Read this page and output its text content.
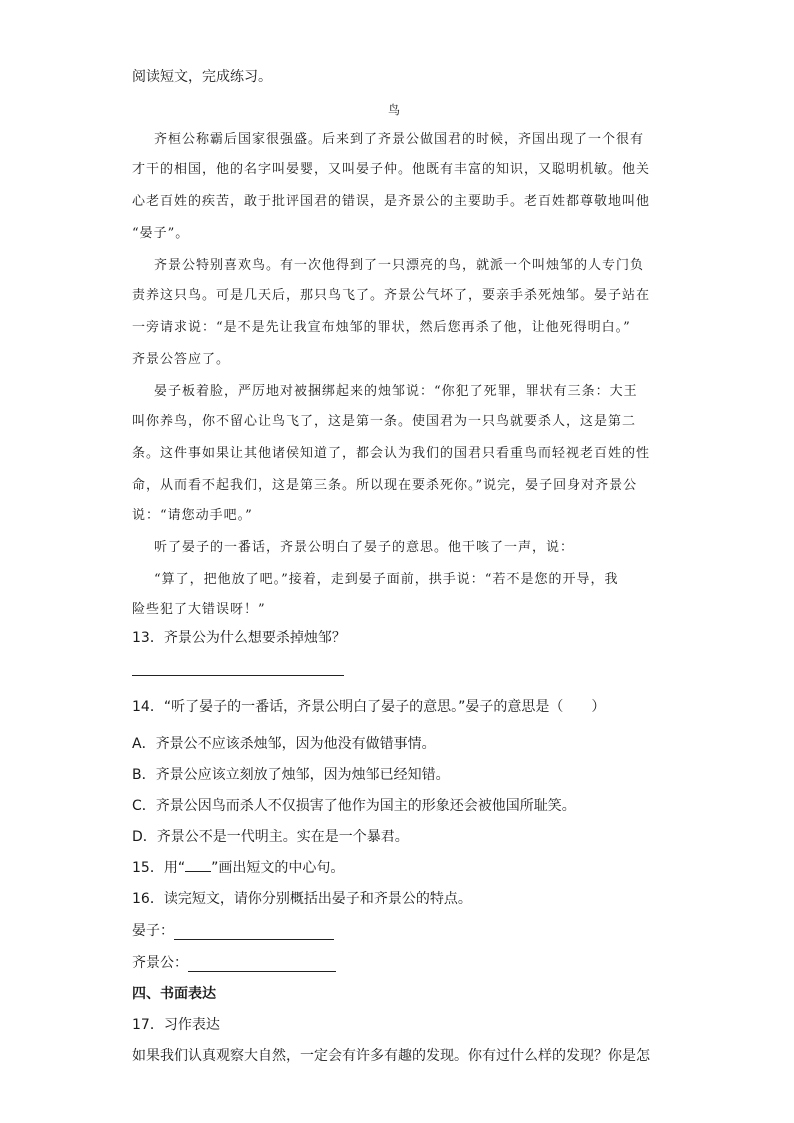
阅读短文，完成练习。
鸟
齐桓公称霸后国家很强盛。后来到了齐景公做国君的时候，齐国出现了一个很有
才干的相国，他的名字叫晏婴，又叫晏子仲。他既有丰富的知识，又聪明机敏。他关
心老百姓的疾苦，敢于批评国君的错误，是齐景公的主要助手。老百姓都尊敬地叫他
“晏子”。
齐景公特别喜欢鸟。有一次他得到了一只漂亮的鸟，就派一个叫烛邹的人专门负
责养这只鸟。可是几天后，那只鸟飞了。齐景公气坏了，要亲手杀死烛邹。晏子站在
一旁请求说：“是不是先让我宣布烛邹的罪状，然后您再杀了他，让他死得明白。”
齐景公答应了。
晏子板着脸，严厉地对被捆绑起来的烛邹说：“你犯了死罪，罪状有三条：大王
叫你养鸟，你不留心让鸟飞了，这是第一条。使国君为一只鸟就要杀人，这是第二
条。这件事如果让其他诸侯知道了，都会认为我们的国君只看重鸟而轻视老百姓的性
命，从而看不起我们，这是第三条。所以现在要杀死你。”说完，晏子回身对齐景公
说：“请您动手吧。”
听了晏子的一番话，齐景公明白了晏子的意思。他干咳了一声，说：
“算了，把他放了吧。”接着，走到晏子面前，拱手说：“若不是您的开导，我
险些犯了大错误呀！”
13．齐景公为什么想要杀掉烛邹？
14．“听了晏子的一番话，齐景公明白了晏子的意思。”晏子的意思是（　　）
A．齐景公不应该杀烛邹，因为他没有做错事情。
B．齐景公应该立刻放了烛邹，因为烛邹已经知错。
C．齐景公因鸟而杀人不仅损害了他作为国主的形象还会被他国所耻笑。
D．齐景公不是一代明主。实在是一个暴君。
15．用“ ”画出短文的中心句。
16．读完短文，请你分别概括出晏子和齐景公的特点。
晏子：
齐景公：
四、书面表达
17．习作表达
如果我们认真观察大自然，一定会有许多有趣的发现。你有过什么样的发现？你是怎
